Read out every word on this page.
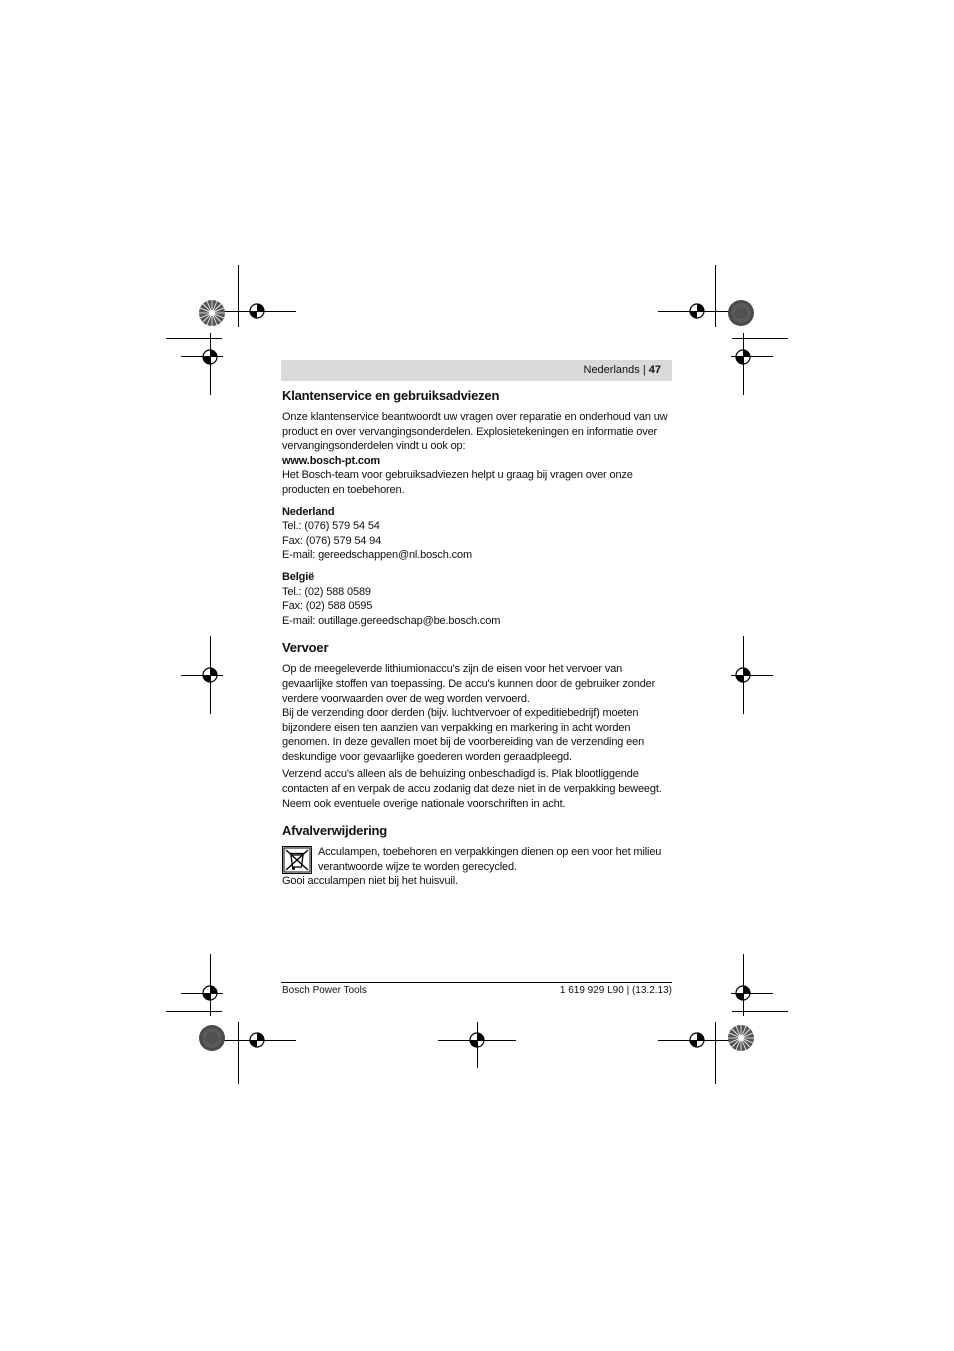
Nederlands | 47
Klantenservice en gebruiksadviezen

Onze klantenservice beantwoordt uw vragen over reparatie en onderhoud van uw product en over vervangingsonderdelen. Explosietekeningen en informatie over vervangingsonderdelen vindt u ook op:

www.bosch-pt.com

Het Bosch-team voor gebruiksadviezen helpt u graag bij vragen over onze producten en toebehoren.

Nederland

Tel.: (076) 579 54 54

Fax: (076) 579 54 94

E-mail: gereedschappen@nl.bosch.com

België

Tel.: (02) 588 0589

Fax: (02) 588 0595

E-mail: outillage.gereedschap@be.bosch.com

Vervoer

Op de meegeleverde lithiumionaccu's zijn de eisen voor het vervoer van gevaarlijke stoffen van toepassing. De accu's kunnen door de gebruiker zonder verdere voorwaarden over de weg worden vervoerd.

Bij de verzending door derden (bijv. luchtvervoer of expeditiebedrijf) moeten bijzondere eisen ten aanzien van verpakking en markering in acht worden genomen. In deze gevallen moet bij de voorbereiding van de verzending een deskundige voor gevaarlijke goederen worden geraadpleegd.

Verzend accu's alleen als de behuizing onbeschadigd is. Plak blootliggende contacten af en verpak de accu zodanig dat deze niet in de verpakking beweegt.

Neem ook eventuele overige nationale voorschriften in acht.

Afvalverwijdering

Acculampen, toebehoren en verpakkingen dienen op een voor het milieu verantwoorde wijze te worden gerecycled.

Gooi acculampen niet bij het huisvuil.

Bosch Power Tools	1 619 929 L90 | (13.2.13)
